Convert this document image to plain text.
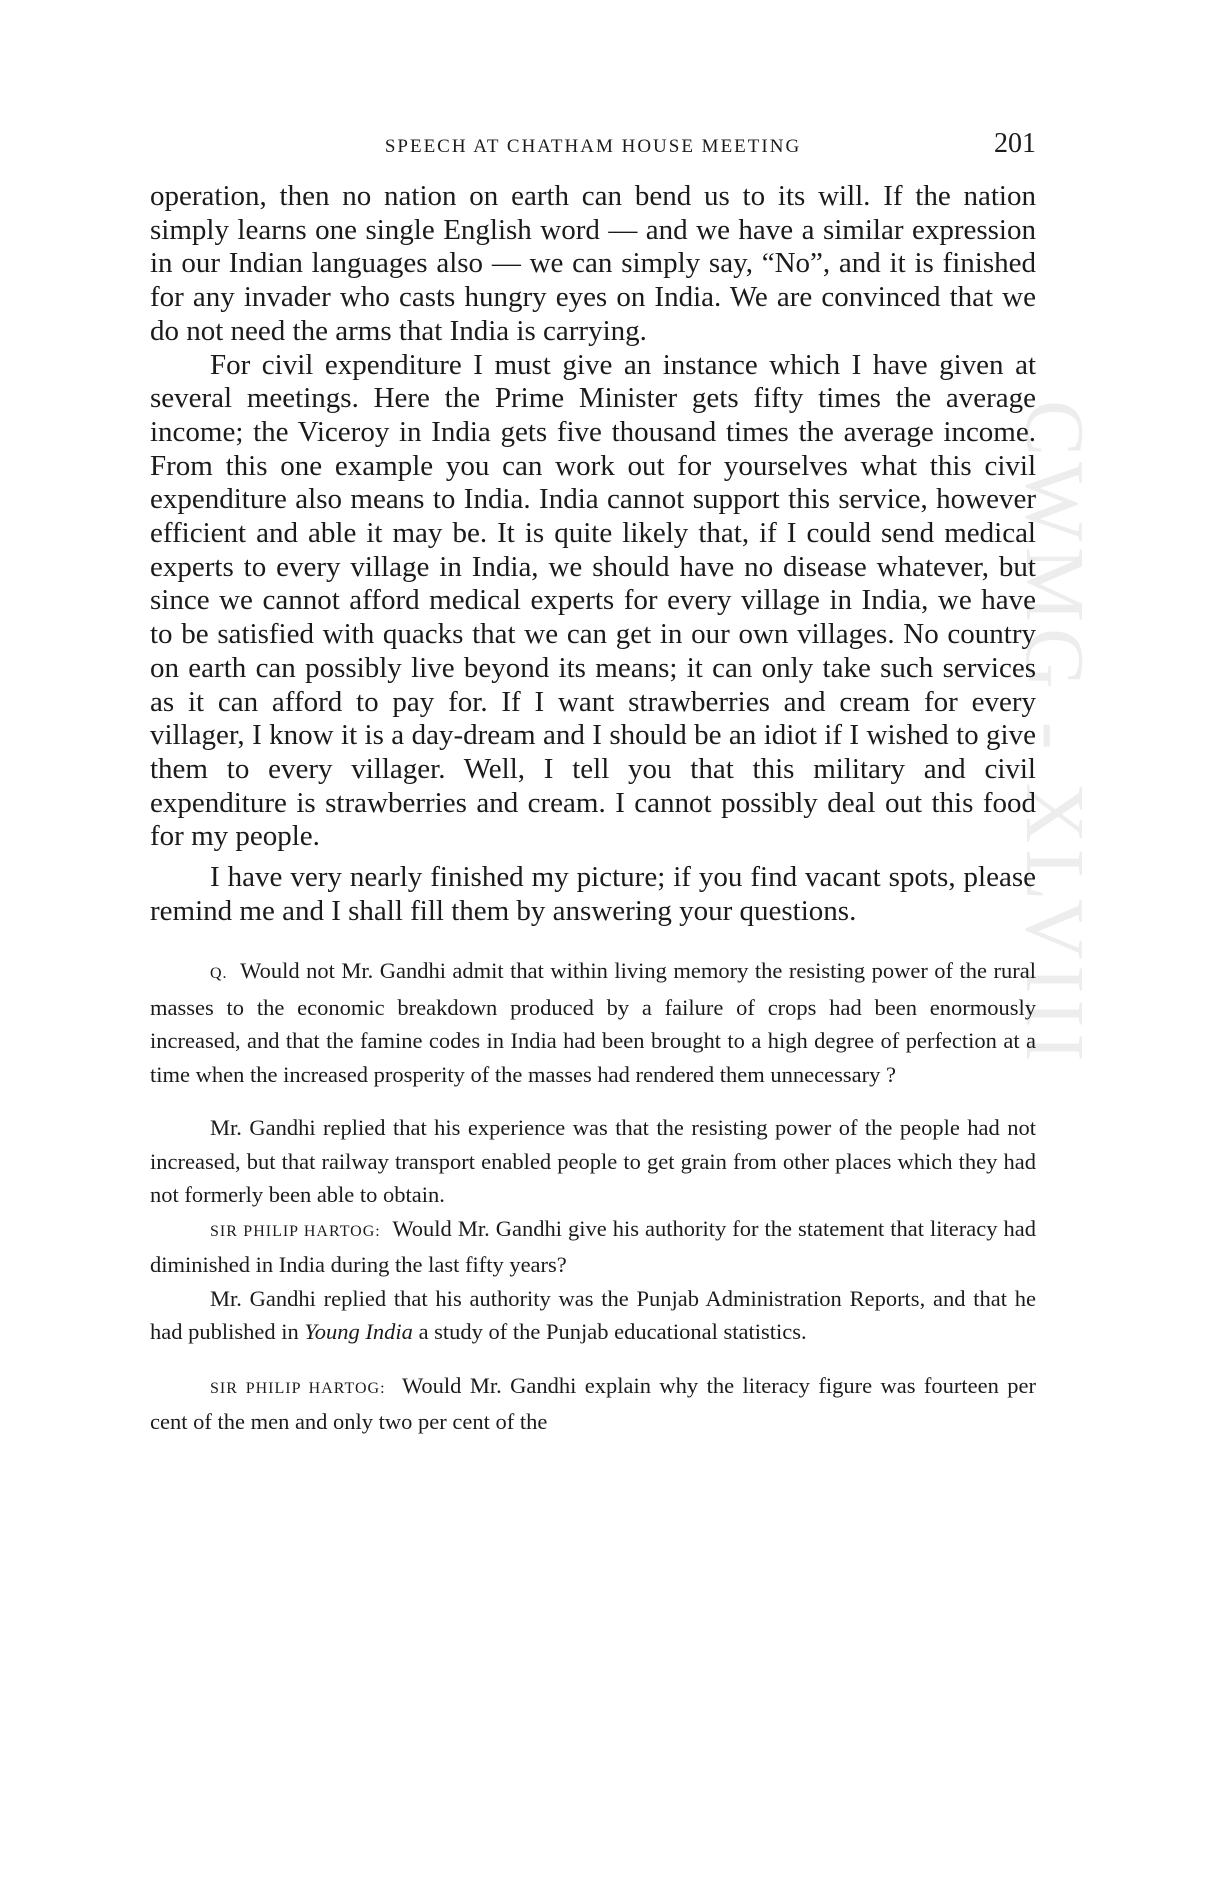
CWMG - XLVIII
SPEECH AT CHATHAM HOUSE MEETING	201

operation, then no nation on earth can bend us to its will. If the nation simply learns one single English word — and we have a similar expression in our Indian languages also — we can simply say, “No”, and it is finished for any invader who casts hungry eyes on India. We are convinced that we do not need the arms that India is carrying.

For civil expenditure I must give an instance which I have given at several meetings. Here the Prime Minister gets fifty times the average income; the Viceroy in India gets five thousand times the average income. From this one example you can work out for yourselves what this civil expenditure also means to India. India cannot support this service, however efficient and able it may be. It is quite likely that, if I could send medical experts to every village in India, we should have no disease whatever, but since we cannot afford medical experts for every village in India, we have to be satisfied with quacks that we can get in our own villages. No country on earth can possibly live beyond its means; it can only take such services as it can afford to pay for. If I want strawberries and cream for every villager, I know it is a day-dream and I should be an idiot if I wished to give them to every villager. Well, I tell you that this military and civil expenditure is strawberries and cream. I cannot possibly deal out this food for my people.

I have very nearly finished my picture; if you find vacant spots, please remind me and I shall fill them by answering your questions.

Q. Would not Mr. Gandhi admit that within living memory the resisting power of the rural masses to the economic breakdown produced by a failure of crops had been enormously increased, and that the famine codes in India had been brought to a high degree of perfection at a time when the increased prosperity of the masses had rendered them unnecessary ?

Mr. Gandhi replied that his experience was that the resisting power of the people had not increased, but that railway transport enabled people to get grain from other places which they had not formerly been able to obtain.

SIR PHILIP HARTOG: Would Mr. Gandhi give his authority for the statement that literacy had diminished in India during the last fifty years?

Mr. Gandhi replied that his authority was the Punjab Administration Reports, and that he had published in Young India a study of the Punjab educational statistics.

SIR PHILIP HARTOG: Would Mr. Gandhi explain why the literacy figure was fourteen per cent of the men and only two per cent of the
